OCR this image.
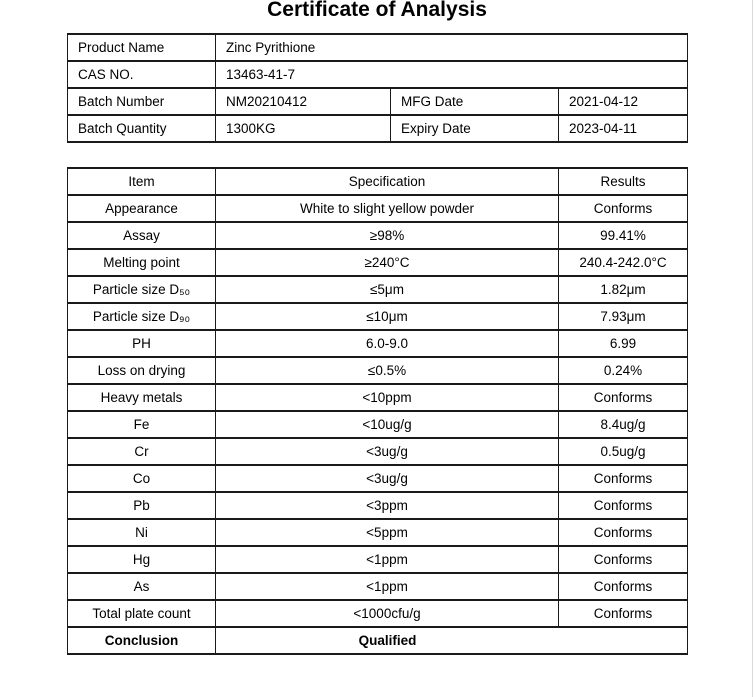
Certificate of Analysis
Product Name	Zinc Pyrithione		
CAS NO.	13463-41-7		
Batch Number	NM20210412	MFG Date	2021-04-12
Batch Quantity	1300KG	Expiry Date	2023-04-11
Item	Specification	Results
Appearance	White to slight yellow powder	Conforms
Assay	≥98%	99.41%
Melting point	≥240°C	240.4-242.0°C
Particle size D₅₀	≤5μm	1.82μm
Particle size D₉₀	≤10μm	7.93μm
PH	6.0-9.0	6.99
Loss on drying	≤0.5%	0.24%
Heavy metals	<10ppm	Conforms
Fe	<10ug/g	8.4ug/g
Cr	<3ug/g	0.5ug/g
Co	<3ug/g	Conforms
Pb	<3ppm	Conforms
Ni	<5ppm	Conforms
Hg	<1ppm	Conforms
As	<1ppm	Conforms
Total plate count	<1000cfu/g	Conforms
Conclusion	Qualified	
